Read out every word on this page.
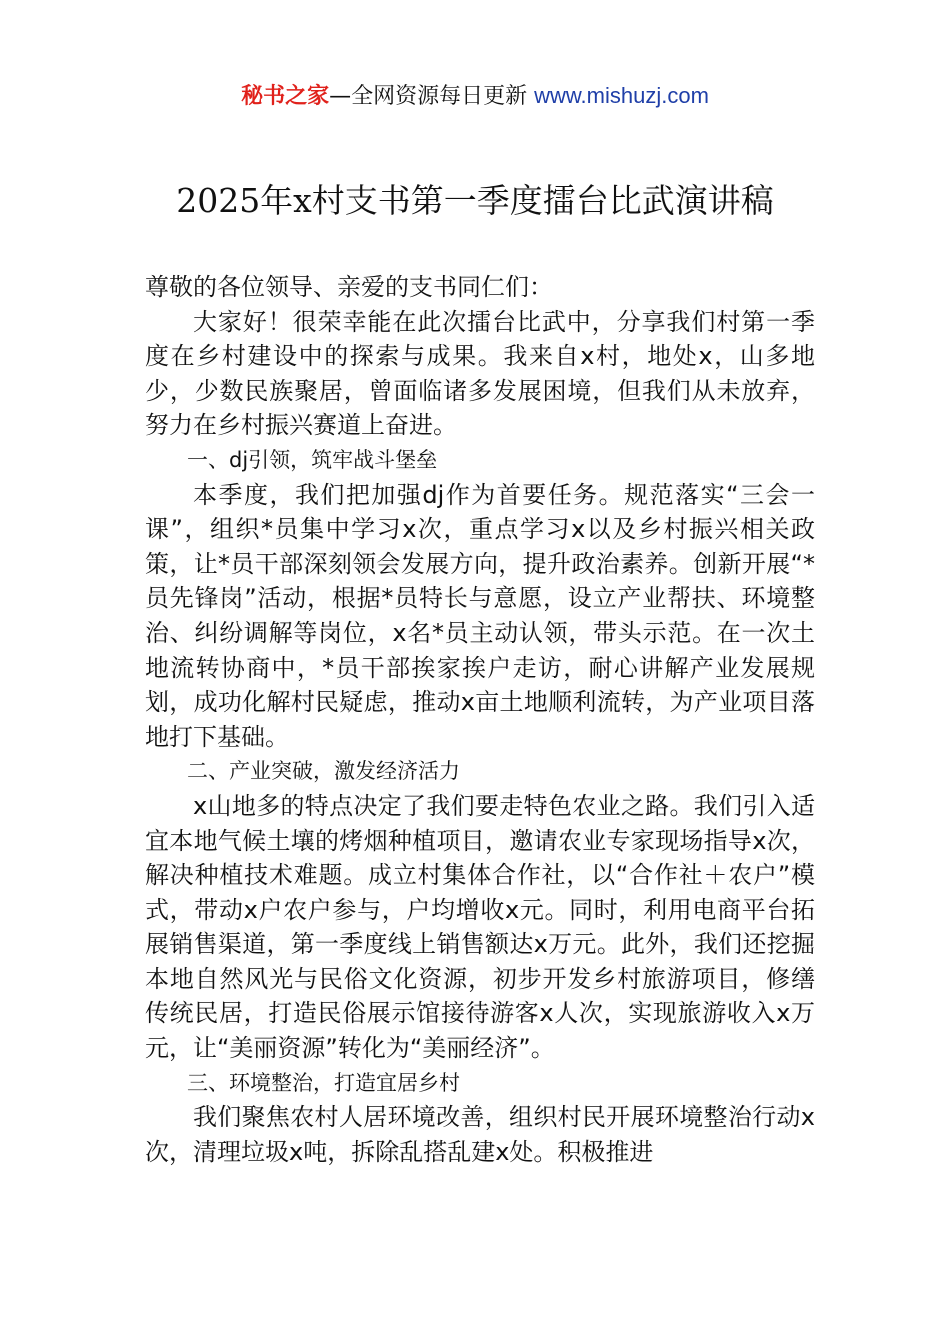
秘书之家—全网资源每日更新 www.mishuzj.com
2025年x村支书第一季度擂台比武演讲稿

尊敬的各位领导、亲爱的支书同仁们：

大家好！很荣幸能在此次擂台比武中，分享我们村第一季度在乡村建设中的探索与成果。我来自x村，地处x，山多地少，少数民族聚居，曾面临诸多发展困境，但我们从未放弃，努力在乡村振兴赛道上奋进。

一、dj引领，筑牢战斗堡垒

本季度，我们把加强dj作为首要任务。规范落实“三会一课”，组织*员集中学习x次，重点学习x以及乡村振兴相关政策，让*员干部深刻领会发展方向，提升政治素养。创新开展“*员先锋岗”活动，根据*员特长与意愿，设立产业帮扶、环境整治、纠纷调解等岗位，x名*员主动认领，带头示范。在一次土地流转协商中，*员干部挨家挨户走访，耐心讲解产业发展规划，成功化解村民疑虑，推动x亩土地顺利流转，为产业项目落地打下基础。

二、产业突破，激发经济活力

x山地多的特点决定了我们要走特色农业之路。我们引入适宜本地气候土壤的烤烟种植项目，邀请农业专家现场指导x次，解决种植技术难题。成立村集体合作社，以“合作社＋农户”模式，带动x户农户参与，户均增收x元。同时，利用电商平台拓展销售渠道，第一季度线上销售额达x万元。此外，我们还挖掘本地自然风光与民俗文化资源，初步开发乡村旅游项目，修缮传统民居，打造民俗展示馆接待游客x人次，实现旅游收入x万元，让“美丽资源”转化为“美丽经济”。

三、环境整治，打造宜居乡村

我们聚焦农村人居环境改善，组织村民开展环境整治行动x次，清理垃圾x吨，拆除乱搭乱建x处。积极推进
